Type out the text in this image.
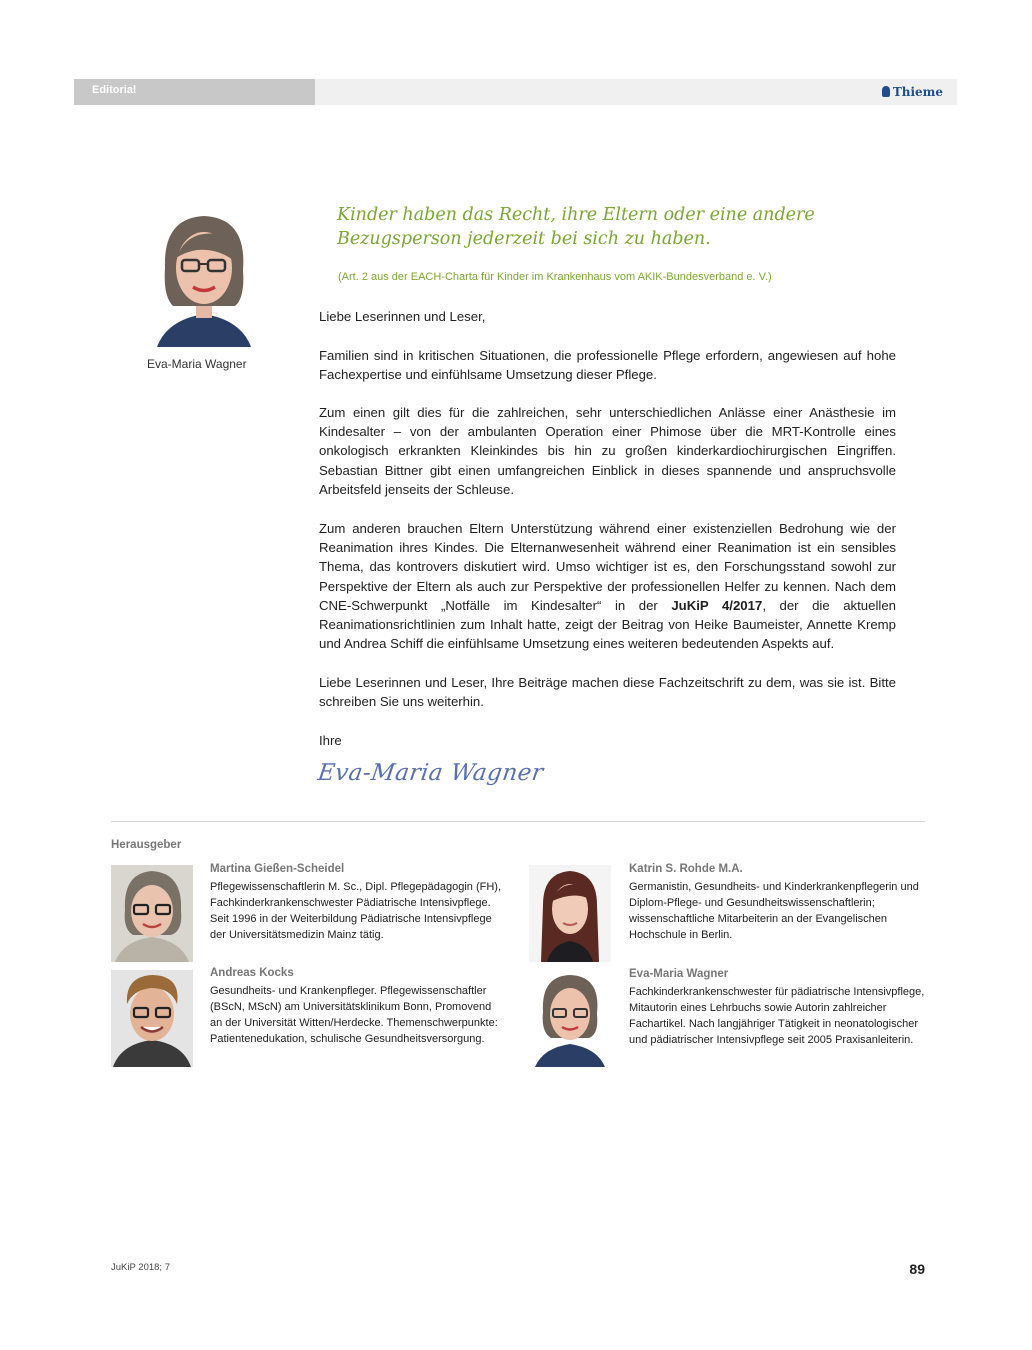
Editorial	Thieme
Eva-Maria Wagner
Kinder haben das Recht, ihre Eltern oder eine andere Bezugsperson jederzeit bei sich zu haben.
(Art. 2 aus der EACH-Charta für Kinder im Krankenhaus vom AKIK-Bundesverband e. V.)
Liebe Leserinnen und Leser,
Familien sind in kritischen Situationen, die professionelle Pflege erfordern, angewiesen auf hohe Fachexpertise und einfühlsame Umsetzung dieser Pflege.
Zum einen gilt dies für die zahlreichen, sehr unterschiedlichen Anlässe einer Anästhesie im Kindesalter – von der ambulanten Operation einer Phimose über die MRT-Kontrolle eines onkologisch erkrankten Kleinkindes bis hin zu großen kinderkardiochirurgischen Eingriffen. Sebastian Bittner gibt einen umfangreichen Einblick in dieses spannende und anspruchsvolle Arbeitsfeld jenseits der Schleuse.
Zum anderen brauchen Eltern Unterstützung während einer existenziellen Bedrohung wie der Reanimation ihres Kindes. Die Elternanwesenheit während einer Reanimation ist ein sensibles Thema, das kontrovers diskutiert wird. Umso wichtiger ist es, den Forschungsstand sowohl zur Perspektive der Eltern als auch zur Perspektive der professionellen Helfer zu kennen. Nach dem CNE-Schwerpunkt „Notfälle im Kindesalter“ in der JuKiP 4/2017, der die aktuellen Reanimationsrichtlinien zum Inhalt hatte, zeigt der Beitrag von Heike Baumeister, Annette Kremp und Andrea Schiff die einfühlsame Umsetzung eines weiteren bedeutenden Aspekts auf.
Liebe Leserinnen und Leser, Ihre Beiträge machen diese Fachzeitschrift zu dem, was sie ist. Bitte schreiben Sie uns weiterhin.
Ihre
Eva-Maria Wagner
Herausgeber
Martina Gießen-Scheidel
Pflegewissenschaftlerin M. Sc., Dipl. Pflegepädagogin (FH), Fachkinderkrankenschwester Pädiatrische Intensivpflege. Seit 1996 in der Weiterbildung Pädiatrische Intensivpflege der Universitätsmedizin Mainz tätig.
Katrin S. Rohde M.A.
Germanistin, Gesundheits- und Kinderkrankenpflegerin und Diplom-Pflege- und Gesundheitswissenschaftlerin; wissenschaftliche Mitarbeiterin an der Evangelischen Hochschule in Berlin.
Andreas Kocks
Gesundheits- und Krankenpfleger. Pflegewissenschaftler (BScN, MScN) am Universitätsklinikum Bonn, Promovend an der Universität Witten/Herdecke. Themenschwerpunkte: Patientenedukation, schulische Gesundheitsversorgung.
Eva-Maria Wagner
Fachkinderkrankenschwester für pädiatrische Intensivpflege, Mitautorin eines Lehrbuchs sowie Autorin zahlreicher Fachartikel. Nach langjähriger Tätigkeit in neonatologischer und pädiatrischer Intensivpflege seit 2005 Praxisanleiterin.
JuKiP 2018; 7	89
